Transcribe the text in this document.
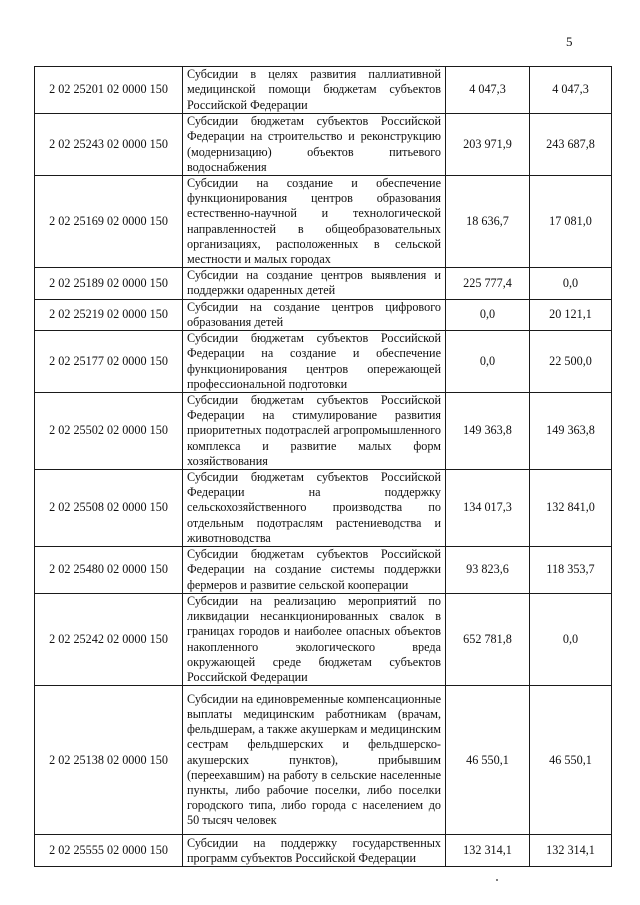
5
2 02 25201 02 0000 150	Субсидии в целях развития паллиативной медицинской помощи бюджетам субъектов Российской Федерации	4 047,3	4 047,3
2 02 25243 02 0000 150	Субсидии бюджетам субъектов Российской Федерации на строительство и реконструкцию (модернизацию) объектов питьевого водоснабжения	203 971,9	243 687,8
2 02 25169 02 0000 150	Субсидии на создание и обеспечение функционирования центров образования естественно-научной и технологической направленностей в общеобразовательных организациях, расположенных в сельской местности и малых городах	18 636,7	17 081,0
2 02 25189 02 0000 150	Субсидии на создание центров выявления и поддержки одаренных детей	225 777,4	0,0
2 02 25219 02 0000 150	Субсидии на создание центров цифрового образования детей	0,0	20 121,1
2 02 25177 02 0000 150	Субсидии бюджетам субъектов Российской Федерации на создание и обеспечение функционирования центров опережающей профессиональной подготовки	0,0	22 500,0
2 02 25502 02 0000 150	Субсидии бюджетам субъектов Российской Федерации на стимулирование развития приоритетных подотраслей агропромышленного комплекса и развитие малых форм хозяйствования	149 363,8	149 363,8
2 02 25508 02 0000 150	Субсидии бюджетам субъектов Российской Федерации на поддержку сельскохозяйственного производства по отдельным подотраслям растениеводства и животноводства	134 017,3	132 841,0
2 02 25480 02 0000 150	Субсидии бюджетам субъектов Российской Федерации на создание системы поддержки фермеров и развитие сельской кооперации	93 823,6	118 353,7
2 02 25242 02 0000 150	Субсидии на реализацию мероприятий по ликвидации несанкционированных свалок в границах городов и наиболее опасных объектов накопленного экологического вреда окружающей среде бюджетам субъектов Российской Федерации	652 781,8	0,0
2 02 25138 02 0000 150	Субсидии на единовременные компенсационные выплаты медицинским работникам (врачам, фельдшерам, а также акушеркам и медицинским сестрам фельдшерских и фельдшерско-акушерских пунктов), прибывшим (переехавшим) на работу в сельские населенные пункты, либо рабочие поселки, либо поселки городского типа, либо города с населением до 50 тысяч человек	46 550,1	46 550,1
2 02 25555 02 0000 150	Субсидии на поддержку государственных программ субъектов Российской Федерации	132 314,1	132 314,1
